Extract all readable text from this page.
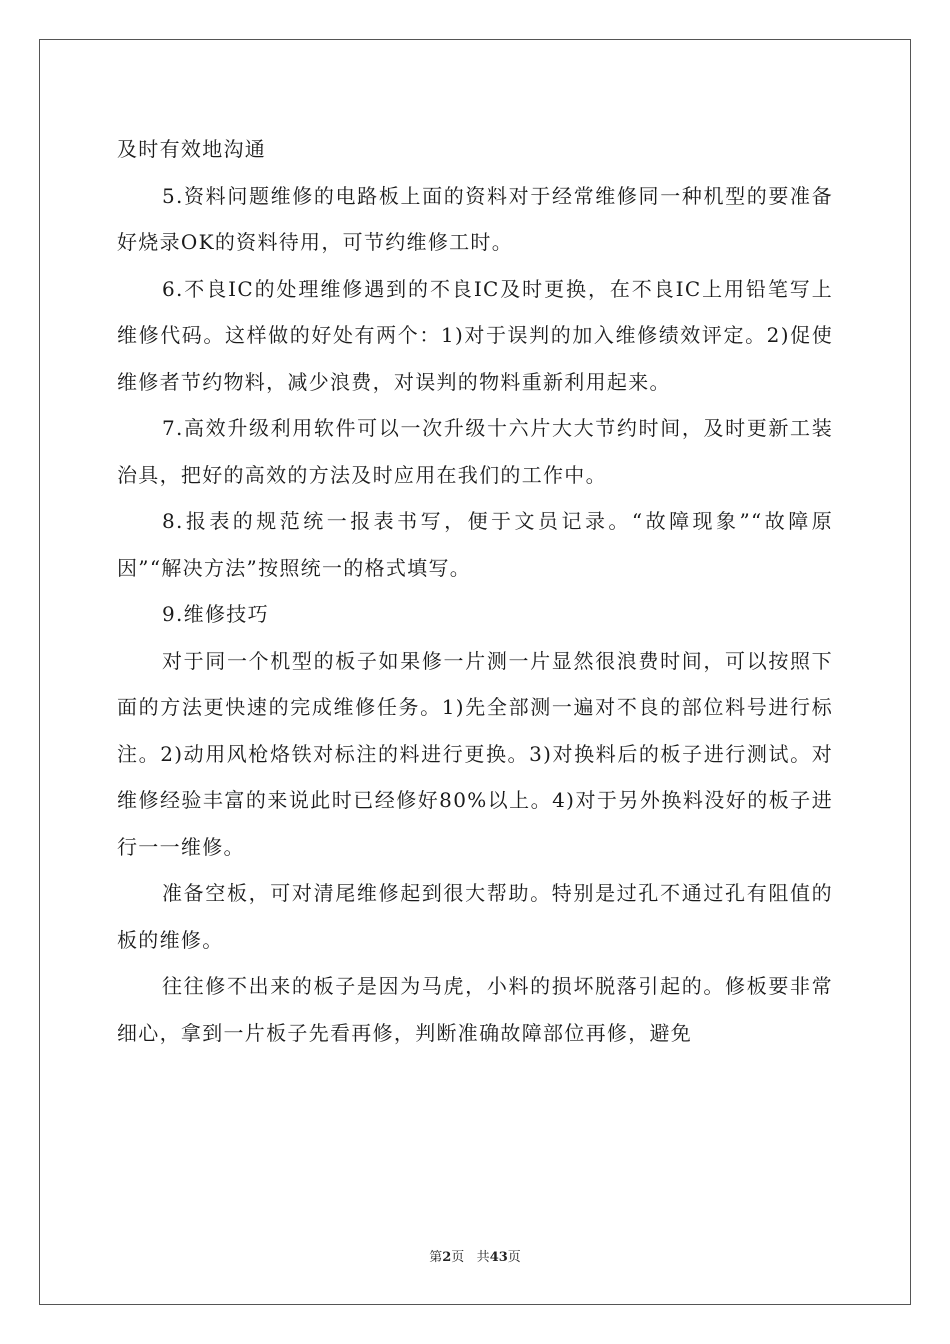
及时有效地沟通

5.资料问题维修的电路板上面的资料对于经常维修同一种机型的要准备好烧录OK的资料待用，可节约维修工时。

6.不良IC的处理维修遇到的不良IC及时更换，在不良IC上用铅笔写上维修代码。这样做的好处有两个：1)对于误判的加入维修绩效评定。2)促使维修者节约物料，减少浪费，对误判的物料重新利用起来。

7.高效升级利用软件可以一次升级十六片大大节约时间，及时更新工装治具，把好的高效的方法及时应用在我们的工作中。

8.报表的规范统一报表书写，便于文员记录。“故障现象”“故障原因”“解决方法”按照统一的格式填写。

9.维修技巧

对于同一个机型的板子如果修一片测一片显然很浪费时间，可以按照下面的方法更快速的完成维修任务。1)先全部测一遍对不良的部位料号进行标注。2)动用风枪烙铁对标注的料进行更换。3)对换料后的板子进行测试。对维修经验丰富的来说此时已经修好80%以上。4)对于另外换料没好的板子进行一一维修。

准备空板，可对清尾维修起到很大帮助。特别是过孔不通过孔有阻值的板的维修。

往往修不出来的板子是因为马虎，小料的损坏脱落引起的。修板要非常细心，拿到一片板子先看再修，判断准确故障部位再修，避免

第2页 共43页
